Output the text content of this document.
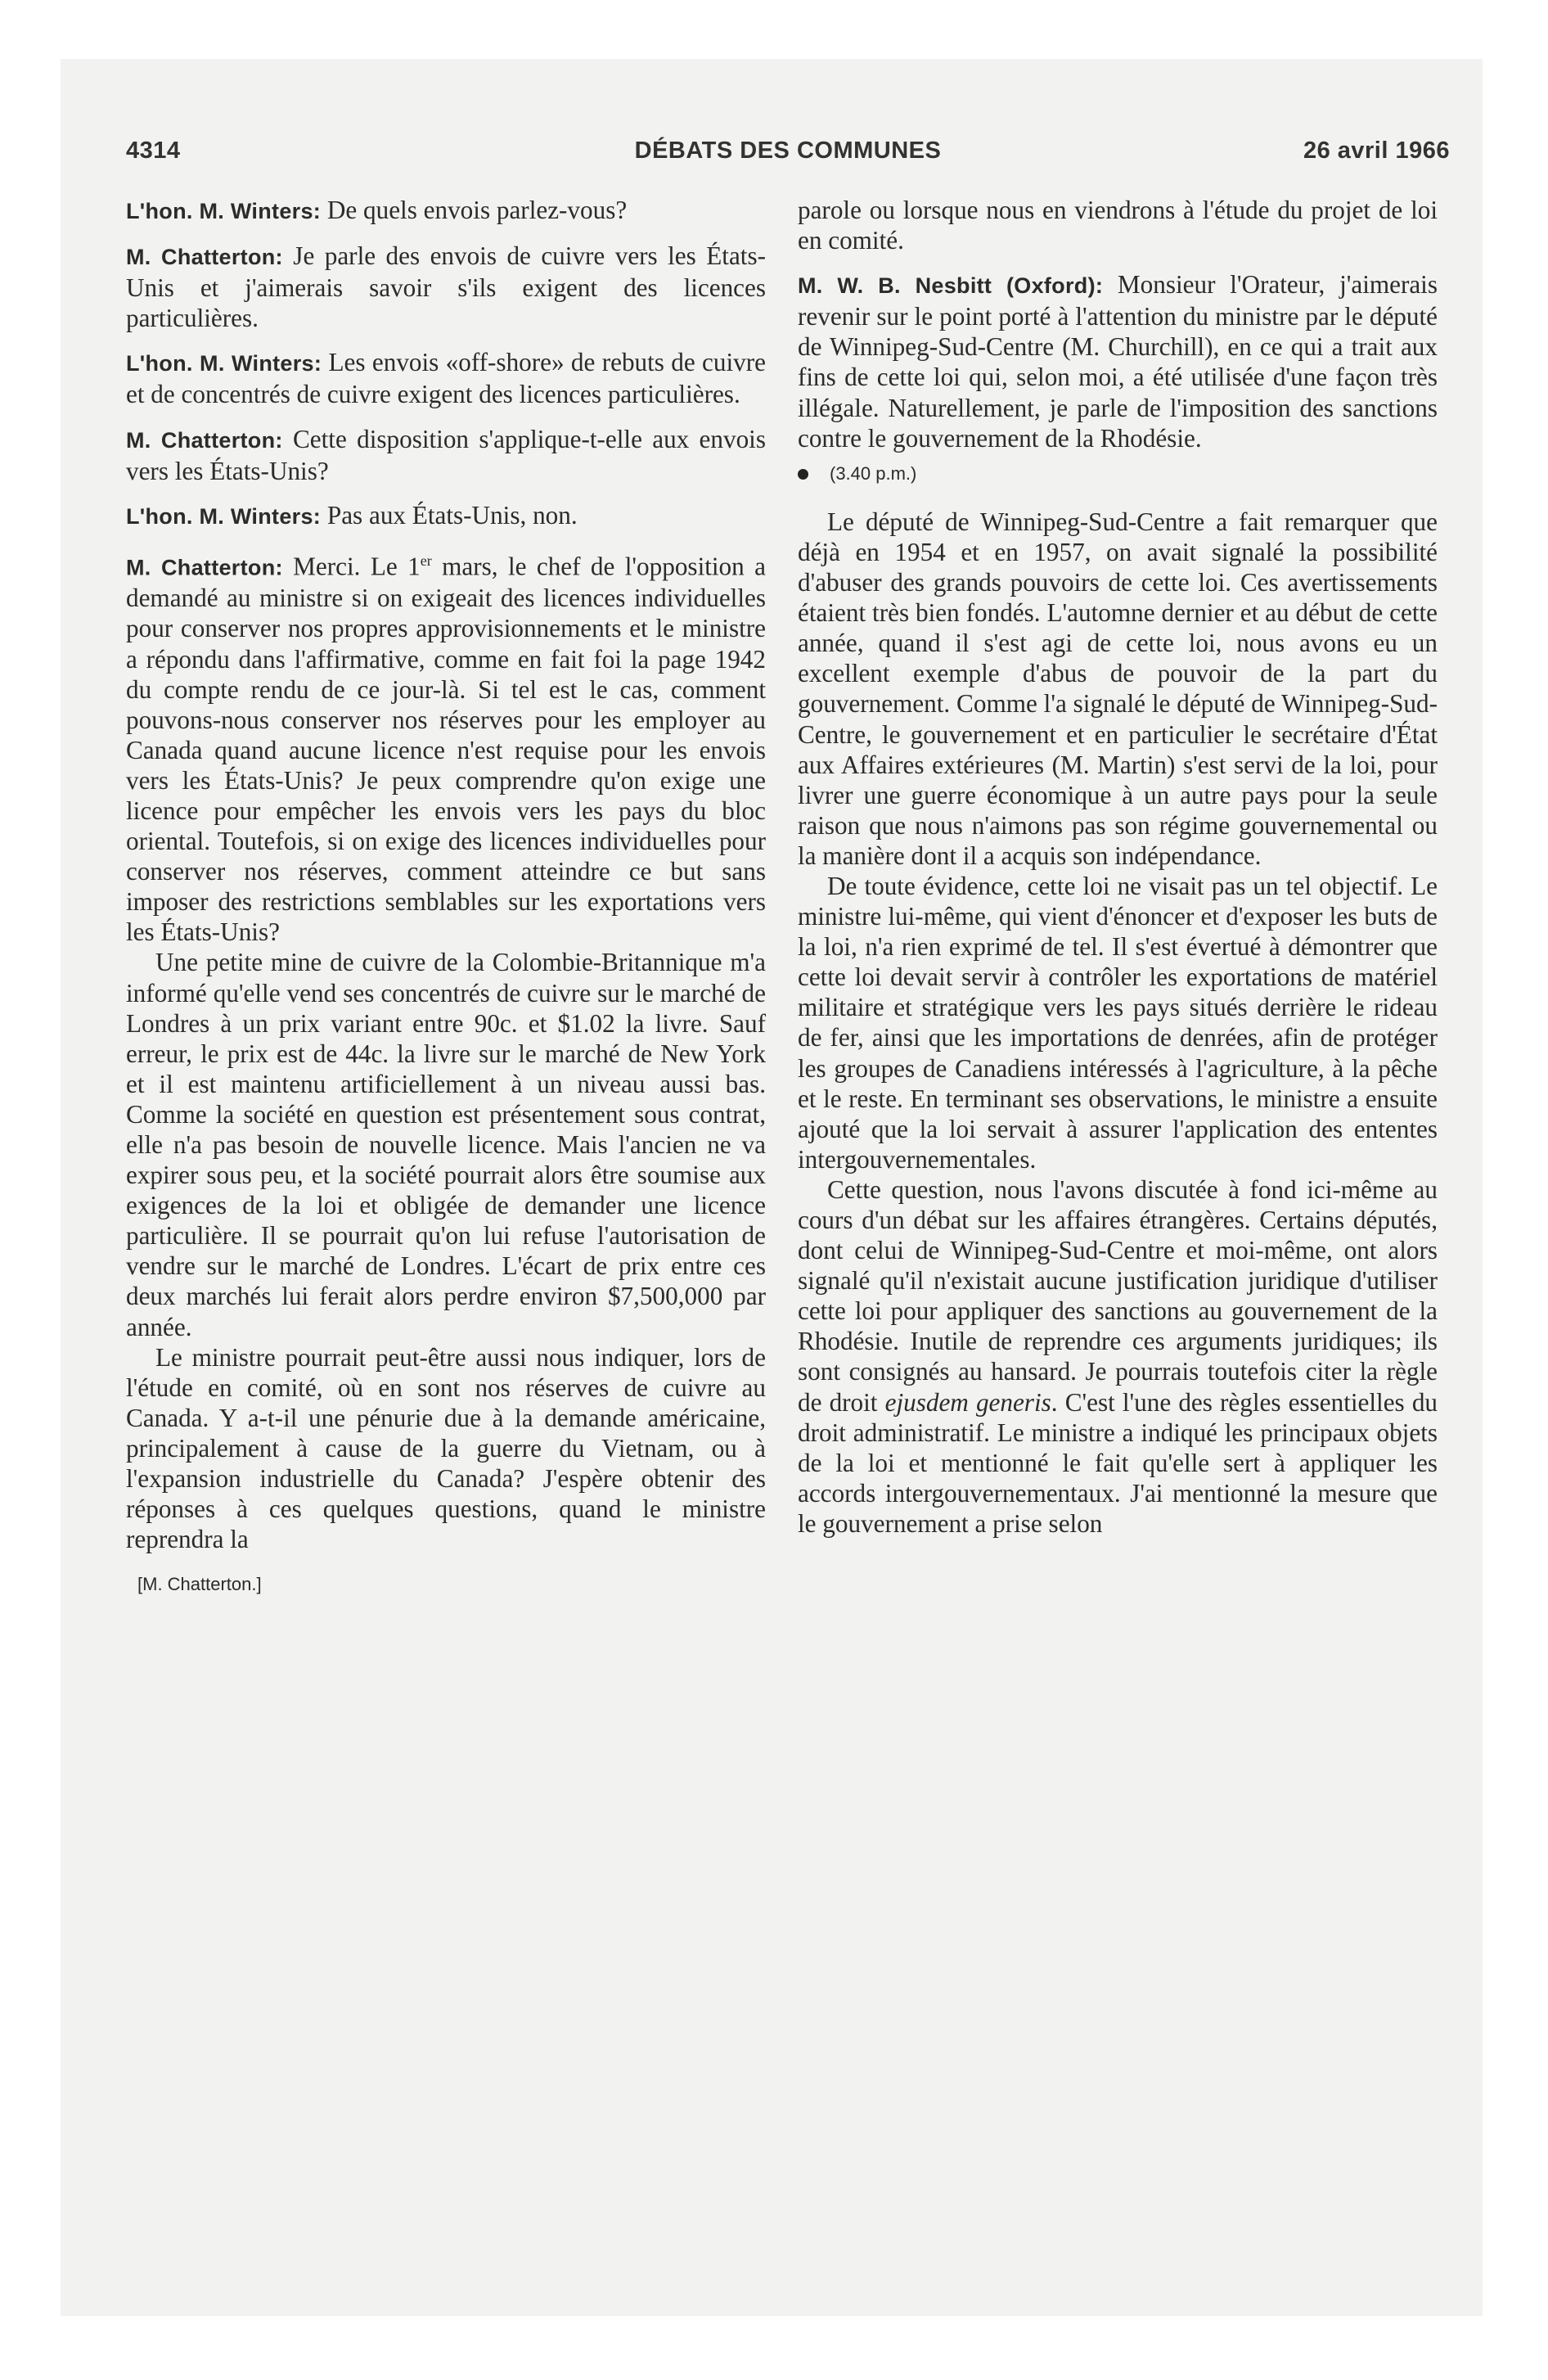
4314	DÉBATS DES COMMUNES	26 avril 1966

L'hon. M. Winters: De quels envois parlez-vous?

M. Chatterton: Je parle des envois de cuivre vers les États-Unis et j'aimerais savoir s'ils exigent des licences particulières.

L'hon. M. Winters: Les envois «off-shore» de rebuts de cuivre et de concentrés de cuivre exigent des licences particulières.

M. Chatterton: Cette disposition s'applique-t-elle aux envois vers les États-Unis?

L'hon. M. Winters: Pas aux États-Unis, non.

M. Chatterton: Merci. Le 1er mars, le chef de l'opposition a demandé au ministre si on exigeait des licences individuelles pour conserver nos propres approvisionnements et le ministre a répondu dans l'affirmative, comme en fait foi la page 1942 du compte rendu de ce jour-là. Si tel est le cas, comment pouvons-nous conserver nos réserves pour les employer au Canada quand aucune licence n'est requise pour les envois vers les États-Unis? Je peux comprendre qu'on exige une licence pour empêcher les envois vers les pays du bloc oriental. Toutefois, si on exige des licences individuelles pour conserver nos réserves, comment atteindre ce but sans imposer des restrictions semblables sur les exportations vers les États-Unis?

Une petite mine de cuivre de la Colombie-Britannique m'a informé qu'elle vend ses concentrés de cuivre sur le marché de Londres à un prix variant entre 90c. et $1.02 la livre. Sauf erreur, le prix est de 44c. la livre sur le marché de New York et il est maintenu artificiellement à un niveau aussi bas. Comme la société en question est présentement sous contrat, elle n'a pas besoin de nouvelle licence. Mais l'ancien ne va expirer sous peu, et la société pourrait alors être soumise aux exigences de la loi et obligée de demander une licence particulière. Il se pourrait qu'on lui refuse l'autorisation de vendre sur le marché de Londres. L'écart de prix entre ces deux marchés lui ferait alors perdre environ $7,500,000 par année.

Le ministre pourrait peut-être aussi nous indiquer, lors de l'étude en comité, où en sont nos réserves de cuivre au Canada. Y a-t-il une pénurie due à la demande américaine, principalement à cause de la guerre du Vietnam, ou à l'expansion industrielle du Canada? J'espère obtenir des réponses à ces quelques questions, quand le ministre reprendra la

[M. Chatterton.]

parole ou lorsque nous en viendrons à l'étude du projet de loi en comité.

M. W. B. Nesbitt (Oxford): Monsieur l'Orateur, j'aimerais revenir sur le point porté à l'attention du ministre par le député de Winnipeg-Sud-Centre (M. Churchill), en ce qui a trait aux fins de cette loi qui, selon moi, a été utilisée d'une façon très illégale. Naturellement, je parle de l'imposition des sanctions contre le gouvernement de la Rhodésie.

(3.40 p.m.)

Le député de Winnipeg-Sud-Centre a fait remarquer que déjà en 1954 et en 1957, on avait signalé la possibilité d'abuser des grands pouvoirs de cette loi. Ces avertissements étaient très bien fondés. L'automne dernier et au début de cette année, quand il s'est agi de cette loi, nous avons eu un excellent exemple d'abus de pouvoir de la part du gouvernement. Comme l'a signalé le député de Winnipeg-Sud-Centre, le gouvernement et en particulier le secrétaire d'État aux Affaires extérieures (M. Martin) s'est servi de la loi, pour livrer une guerre économique à un autre pays pour la seule raison que nous n'aimons pas son régime gouvernemental ou la manière dont il a acquis son indépendance.

De toute évidence, cette loi ne visait pas un tel objectif. Le ministre lui-même, qui vient d'énoncer et d'exposer les buts de la loi, n'a rien exprimé de tel. Il s'est évertué à démontrer que cette loi devait servir à contrôler les exportations de matériel militaire et stratégique vers les pays situés derrière le rideau de fer, ainsi que les importations de denrées, afin de protéger les groupes de Canadiens intéressés à l'agriculture, à la pêche et le reste. En terminant ses observations, le ministre a ensuite ajouté que la loi servait à assurer l'application des ententes intergouvernementales.

Cette question, nous l'avons discutée à fond ici-même au cours d'un débat sur les affaires étrangères. Certains députés, dont celui de Winnipeg-Sud-Centre et moi-même, ont alors signalé qu'il n'existait aucune justification juridique d'utiliser cette loi pour appliquer des sanctions au gouvernement de la Rhodésie. Inutile de reprendre ces arguments juridiques; ils sont consignés au hansard. Je pourrais toutefois citer la règle de droit ejusdem generis. C'est l'une des règles essentielles du droit administratif. Le ministre a indiqué les principaux objets de la loi et mentionné le fait qu'elle sert à appliquer les accords intergouvernementaux. J'ai mentionné la mesure que le gouvernement a prise selon
